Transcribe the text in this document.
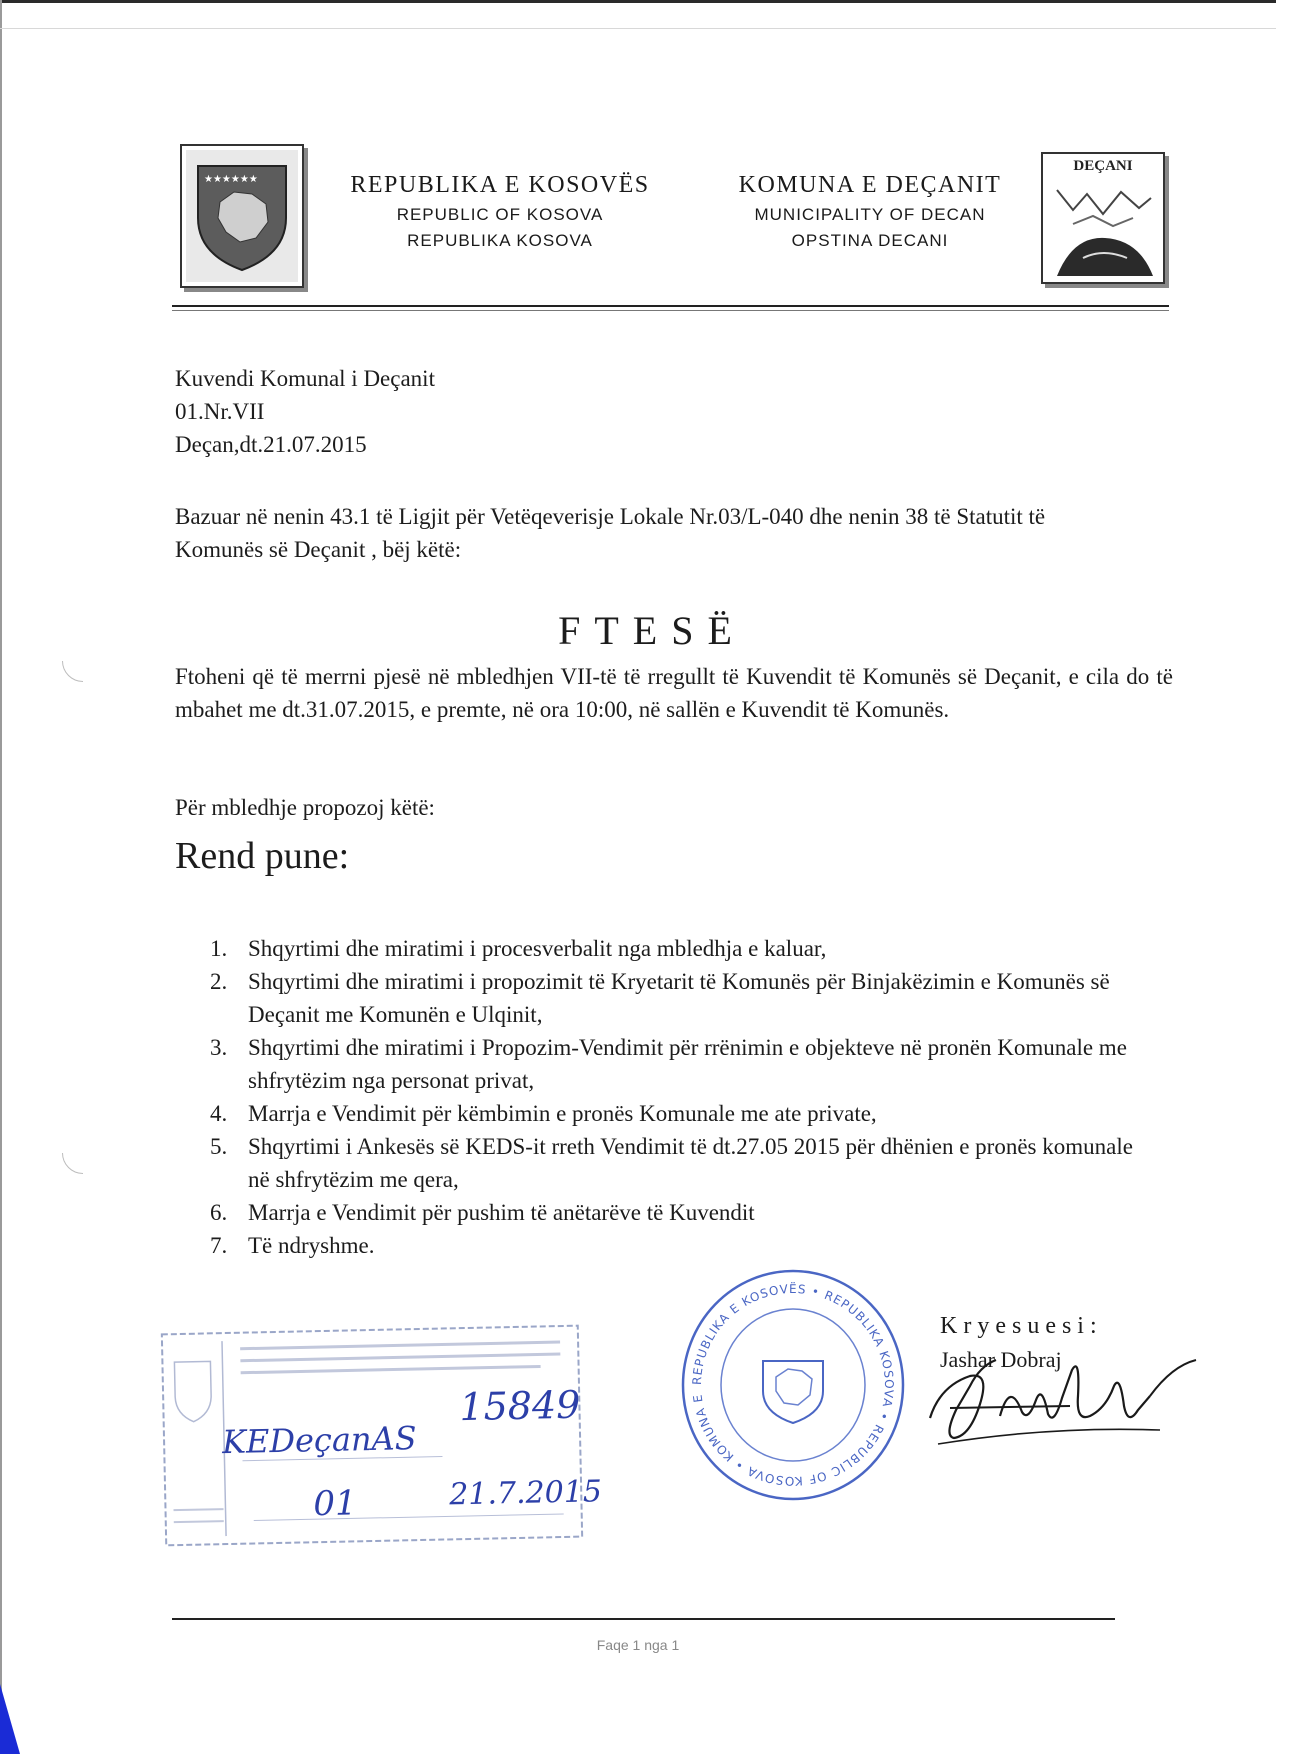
★★★★★★	REPUBLIKA E KOSOVËS
REPUBLIC OF KOSOVA
REPUBLIKA KOSOVA
KOMUNA E DEÇANIT
MUNICIPALITY OF DECAN
OPSTINA DECANI
DEÇANI
Kuvendi Komunal i Deçanit
01.Nr.VII
Deçan,dt.21.07.2015
Bazuar në nenin 43.1 të Ligjit për Vetëqeverisje Lokale Nr.03/L-040 dhe nenin 38 të Statutit të Komunës së Deçanit , bëj këtë:
FTESË
Ftoheni që të merrni pjesë në mbledhjen VII-të të rregullt të Kuvendit të Komunës së Deçanit, e cila do të mbahet me dt.31.07.2015, e premte, në ora 10:00, në sallën e Kuvendit të Komunës.
Për mbledhje propozoj këtë:
Rend pune:
1. Shqyrtimi dhe miratimi i procesverbalit nga mbledhja e kaluar,
2. Shqyrtimi dhe miratimi i propozimit të Kryetarit të Komunës për Binjakëzimin e Komunës së Deçanit me Komunën e Ulqinit,
3. Shqyrtimi dhe miratimi i Propozim-Vendimit për rrënimin e objekteve në pronën Komunale me shfrytëzim nga personat privat,
4. Marrja e Vendimit për këmbimin e pronës Komunale me ate private,
5. Shqyrtimi i Ankesës së KEDS-it rreth Vendimit të dt.27.05 2015 për dhënien e pronës komunale në shfrytëzim me qera,
6. Marrja e Vendimit për pushim të anëtarëve të Kuvendit
7. Të ndryshme.
KEDeçanAS
15849
01	21.7.2015
REPUBLIKA E KOSOVËS • REPUBLIKA KOSOVA • REPUBLIC OF KOSOVA • KOMUNA E
Kryesuesi:
Jashar Dobraj
Faqe 1 nga 1
